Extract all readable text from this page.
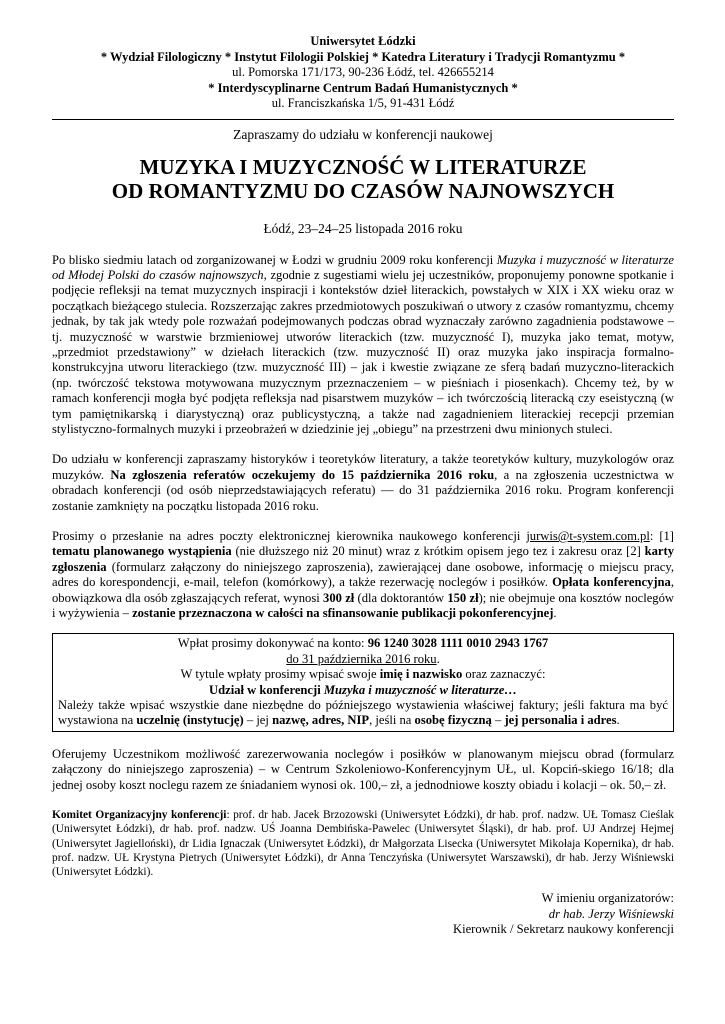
Uniwersytet Łódzki
* Wydział Filologiczny * Instytut Filologii Polskiej * Katedra Literatury i Tradycji Romantyzmu *
ul. Pomorska 171/173, 90-236 Łódź, tel. 426655214
* Interdyscyplinarne Centrum Badań Humanistycznych *
ul. Franciszkańska 1/5, 91-431 Łódź
Zapraszamy do udziału w konferencji naukowej
MUZYKA I MUZYCZNOŚĆ W LITERATURZE
OD ROMANTYZMU DO CZASÓW NAJNOWSZYCH
Łódź, 23–24–25 listopada 2016 roku

Po blisko siedmiu latach od zorganizowanej w Łodzi w grudniu 2009 roku konferencji Muzyka i muzyczność w literaturze od Młodej Polski do czasów najnowszych, zgodnie z sugestiami wielu jej uczestników, proponujemy ponowne spotkanie i podjęcie refleksji na temat muzycznych inspiracji i kontekstów dzieł literackich, powstałych w XIX i XX wieku oraz w początkach bieżącego stulecia. Rozszerzając zakres przedmiotowych poszukiwań o utwory z czasów romantyzmu, chcemy jednak, by tak jak wtedy pole rozważań podejmowanych podczas obrad wyznaczały zarówno zagadnienia podstawowe – tj. muzyczność w warstwie brzmieniowej utworów literackich (tzw. muzyczność I), muzyka jako temat, motyw, „przedmiot przedstawiony” w dziełach literackich (tzw. muzyczność II) oraz muzyka jako inspiracja formalno-konstrukcyjna utworu literackiego (tzw. muzyczność III) – jak i kwestie związane ze sferą badań muzyczno-literackich (np. twórczość tekstowa motywowana muzycznym przeznaczeniem – w pieśniach i piosenkach). Chcemy też, by w ramach konferencji mogła być podjęta refleksja nad pisarstwem muzyków – ich twórczością literacką czy eseistyczną (w tym pamiętnikarską i diarystyczną) oraz publicystyczną, a także nad zagadnieniem literackiej recepcji przemian stylistyczno-formalnych muzyki i przeobrażeń w dziedzinie jej „obiegu” na przestrzeni dwu minionych stuleci.

Do udziału w konferencji zapraszamy historyków i teoretyków literatury, a także teoretyków kultury, muzykologów oraz muzyków. Na zgłoszenia referatów oczekujemy do 15 października 2016 roku, a na zgłoszenia uczestnictwa w obradach konferencji (od osób nieprzedstawiających referatu) — do 31 października 2016 roku. Program konferencji zostanie zamknięty na początku listopada 2016 roku.

Prosimy o przesłanie na adres poczty elektronicznej kierownika naukowego konferencji jurwis@t-system.com.pl: [1] tematu planowanego wystąpienia (nie dłuższego niż 20 minut) wraz z krótkim opisem jego tez i zakresu oraz [2] karty zgłoszenia (formularz załączony do niniejszego zaproszenia), zawierającej dane osobowe, informację o miejscu pracy, adres do korespondencji, e-mail, telefon (komórkowy), a także rezerwację noclegów i posiłków. Opłata konferencyjna, obowiązkowa dla osób zgłaszających referat, wynosi 300 zł (dla doktorantów 150 zł); nie obejmuje ona kosztów noclegów i wyżywienia – zostanie przeznaczona w całości na sfinansowanie publikacji pokonferencyjnej.

Wpłat prosimy dokonywać na konto: 96 1240 3028 1111 0010 2943 1767
do 31 października 2016 roku.
W tytule wpłaty prosimy wpisać swoje imię i nazwisko oraz zaznaczyć:
Udział w konferencji Muzyka i muzyczność w literaturze…
Należy także wpisać wszystkie dane niezbędne do późniejszego wystawienia właściwej faktury; jeśli faktura ma być wystawiona na uczelnię (instytucję) – jej nazwę, adres, NIP, jeśli na osobę fizyczną – jej personalia i adres.

Oferujemy Uczestnikom możliwość zarezerwowania noclegów i posiłków w planowanym miejscu obrad (formularz załączony do niniejszego zaproszenia) – w Centrum Szkoleniowo-Konferencyjnym UŁ, ul. Kopciń-skiego 16/18; dla jednej osoby koszt noclegu razem ze śniadaniem wynosi ok. 100,– zł, a jednodniowe koszty obiadu i kolacji – ok. 50,– zł.

Komitet Organizacyjny konferencji: prof. dr hab. Jacek Brzozowski (Uniwersytet Łódzki), dr hab. prof. nadzw. UŁ Tomasz Cieślak (Uniwersytet Łódzki), dr hab. prof. nadzw. UŚ Joanna Dembińska-Pawelec (Uniwersytet Śląski), dr hab. prof. UJ Andrzej Hejmej (Uniwersytet Jagielloński), dr Lidia Ignaczak (Uniwersytet Łódzki), dr Małgorzata Lisecka (Uniwersytet Mikołaja Kopernika), dr hab. prof. nadzw. UŁ Krystyna Pietrych (Uniwersytet Łódzki), dr Anna Tenczyńska (Uniwersytet Warszawski), dr hab. Jerzy Wiśniewski (Uniwersytet Łódzki).

W imieniu organizatorów:
dr hab. Jerzy Wiśniewski
Kierownik / Sekretarz naukowy konferencji
